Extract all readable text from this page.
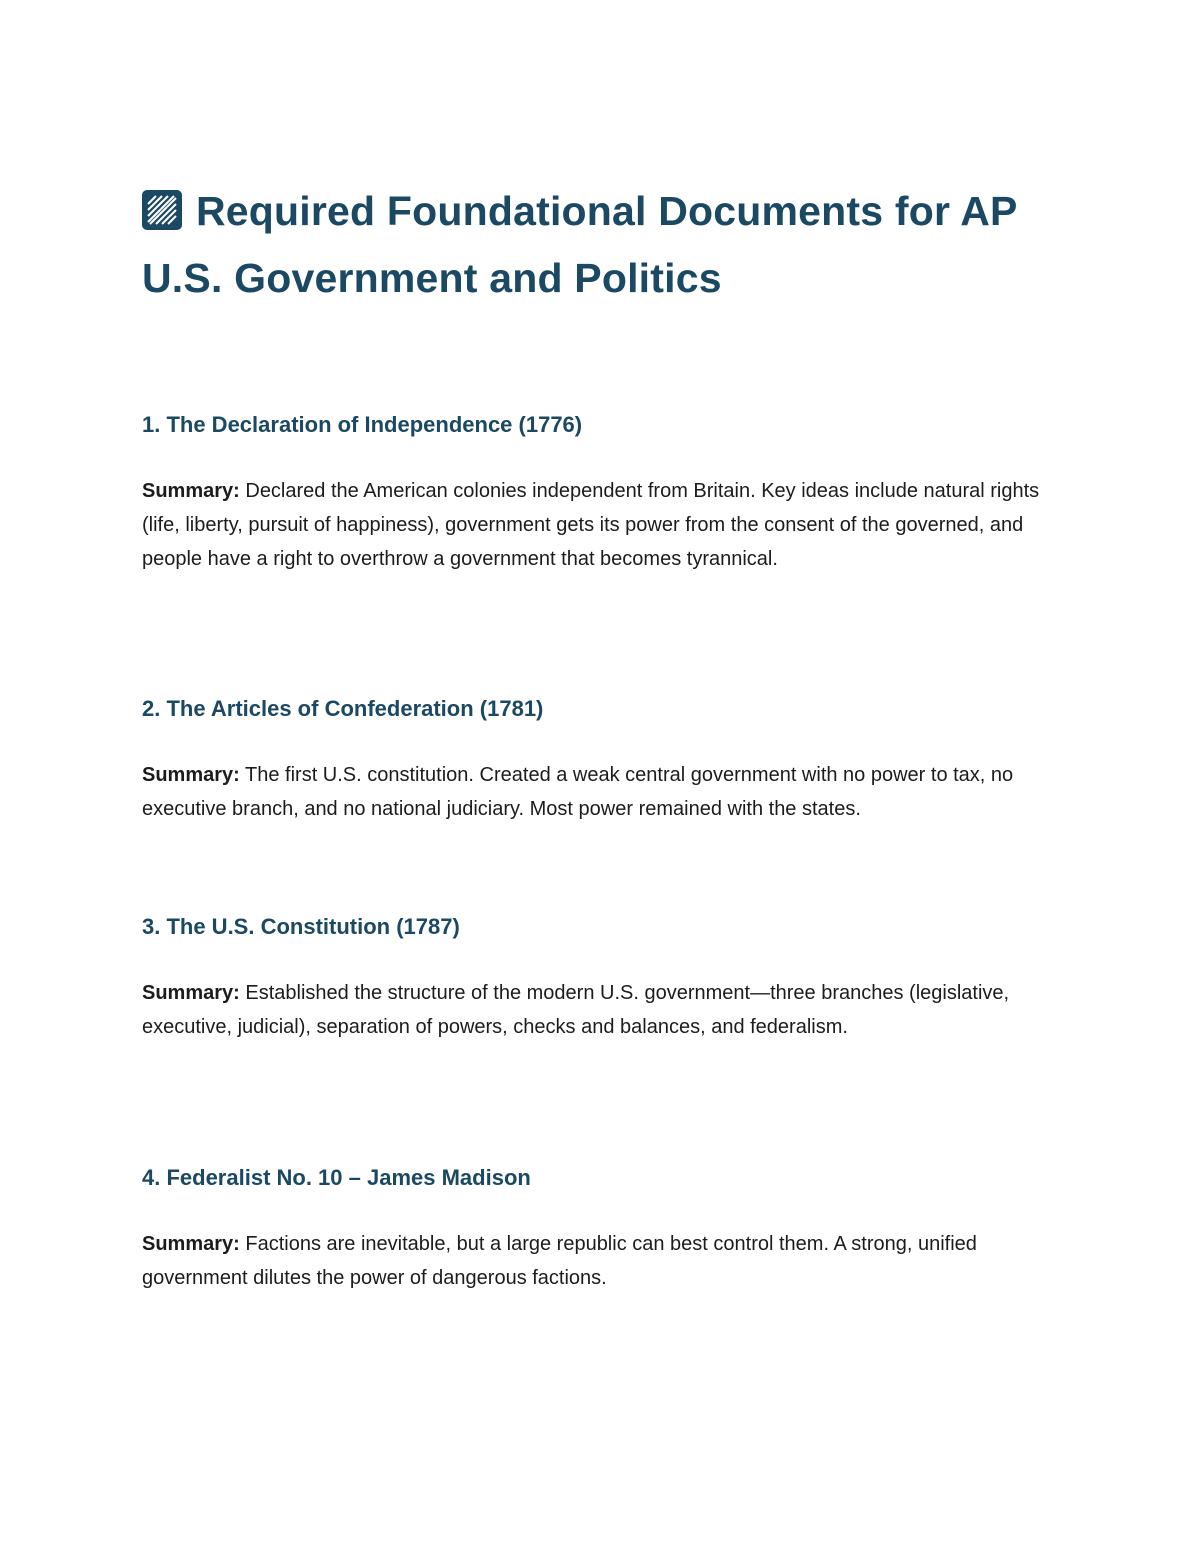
Required Foundational Documents for AP U.S. Government and Politics
1. The Declaration of Independence (1776)

Summary: Declared the American colonies independent from Britain. Key ideas include natural rights (life, liberty, pursuit of happiness), government gets its power from the consent of the governed, and people have a right to overthrow a government that becomes tyrannical.

2. The Articles of Confederation (1781)

Summary: The first U.S. constitution. Created a weak central government with no power to tax, no executive branch, and no national judiciary. Most power remained with the states.

3. The U.S. Constitution (1787)

Summary: Established the structure of the modern U.S. government—three branches (legislative, executive, judicial), separation of powers, checks and balances, and federalism.

4. Federalist No. 10 – James Madison

Summary: Factions are inevitable, but a large republic can best control them. A strong, unified government dilutes the power of dangerous factions.
